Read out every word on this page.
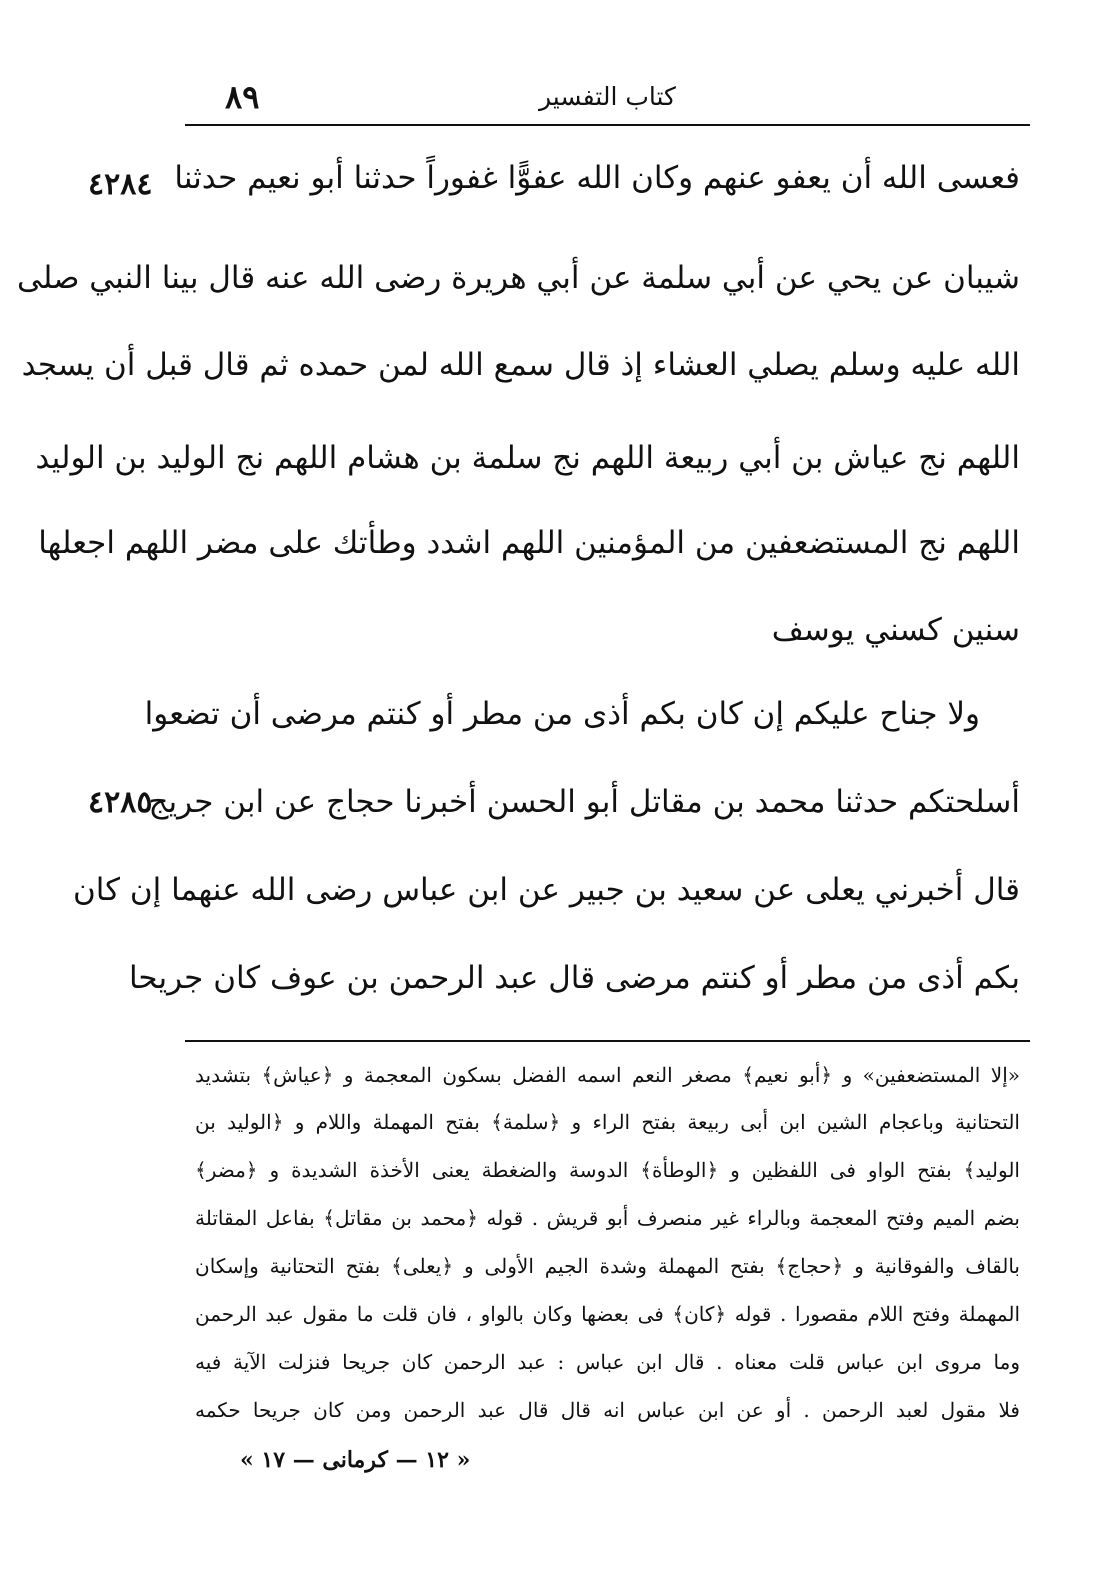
٨٩	كتاب التفسير
٤٢٨٤
٤٢٨٥
فعسى الله أن يعفو عنهم وكان الله عفوًّا غفوراً حدثنا أبو نعيم حدثنا
شيبان عن يحي عن أبي سلمة عن أبي هريرة رضى الله عنه قال بينا النبي صلى
الله عليه وسلم يصلي العشاء إذ قال سمع الله لمن حمده ثم قال قبل أن يسجد
اللهم نج عياش بن أبي ربيعة اللهم نج سلمة بن هشام اللهم نج الوليد بن الوليد
اللهم نج المستضعفين من المؤمنين اللهم اشدد وطأتك على مضر اللهم اجعلها
سنين كسني يوسف
ولا جناح عليكم إن كان بكم أذى من مطر أو كنتم مرضى أن تضعوا
أسلحتكم حدثنا محمد بن مقاتل أبو الحسن أخبرنا حجاج عن ابن جريج
قال أخبرني يعلى عن سعيد بن جبير عن ابن عباس رضى الله عنهما إن كان
بكم أذى من مطر أو كنتم مرضى قال عبد الرحمن بن عوف كان جريحا
«إلا المستضعفين» و ﴿أبو نعيم﴾ مصغر النعم اسمه الفضل بسكون المعجمة و ﴿عياش﴾ بتشديد
التحتانية وباعجام الشين ابن أبى ربيعة بفتح الراء و ﴿سلمة﴾ بفتح المهملة واللام و ﴿الوليد بن
الوليد﴾ بفتح الواو فى اللفظين و ﴿الوطأة﴾ الدوسة والضغطة يعنى الأخذة الشديدة و ﴿مضر﴾
بضم الميم وفتح المعجمة وبالراء غير منصرف أبو قريش . قوله ﴿محمد بن مقاتل﴾ بفاعل المقاتلة
بالقاف والفوقانية و ﴿حجاج﴾ بفتح المهملة وشدة الجيم الأولى و ﴿يعلى﴾ بفتح التحتانية وإسكان
المهملة وفتح اللام مقصورا . قوله ﴿كان﴾ فى بعضها وكان بالواو ، فان قلت ما مقول عبد الرحمن
وما مروى ابن عباس قلت معناه . قال ابن عباس : عبد الرحمن كان جريحا فنزلت الآية فيه
فلا مقول لعبد الرحمن . أو عن ابن عباس انه قال قال عبد الرحمن ومن كان جريحا حكمه
« ١٢ — كرمانى — ١٧ »
